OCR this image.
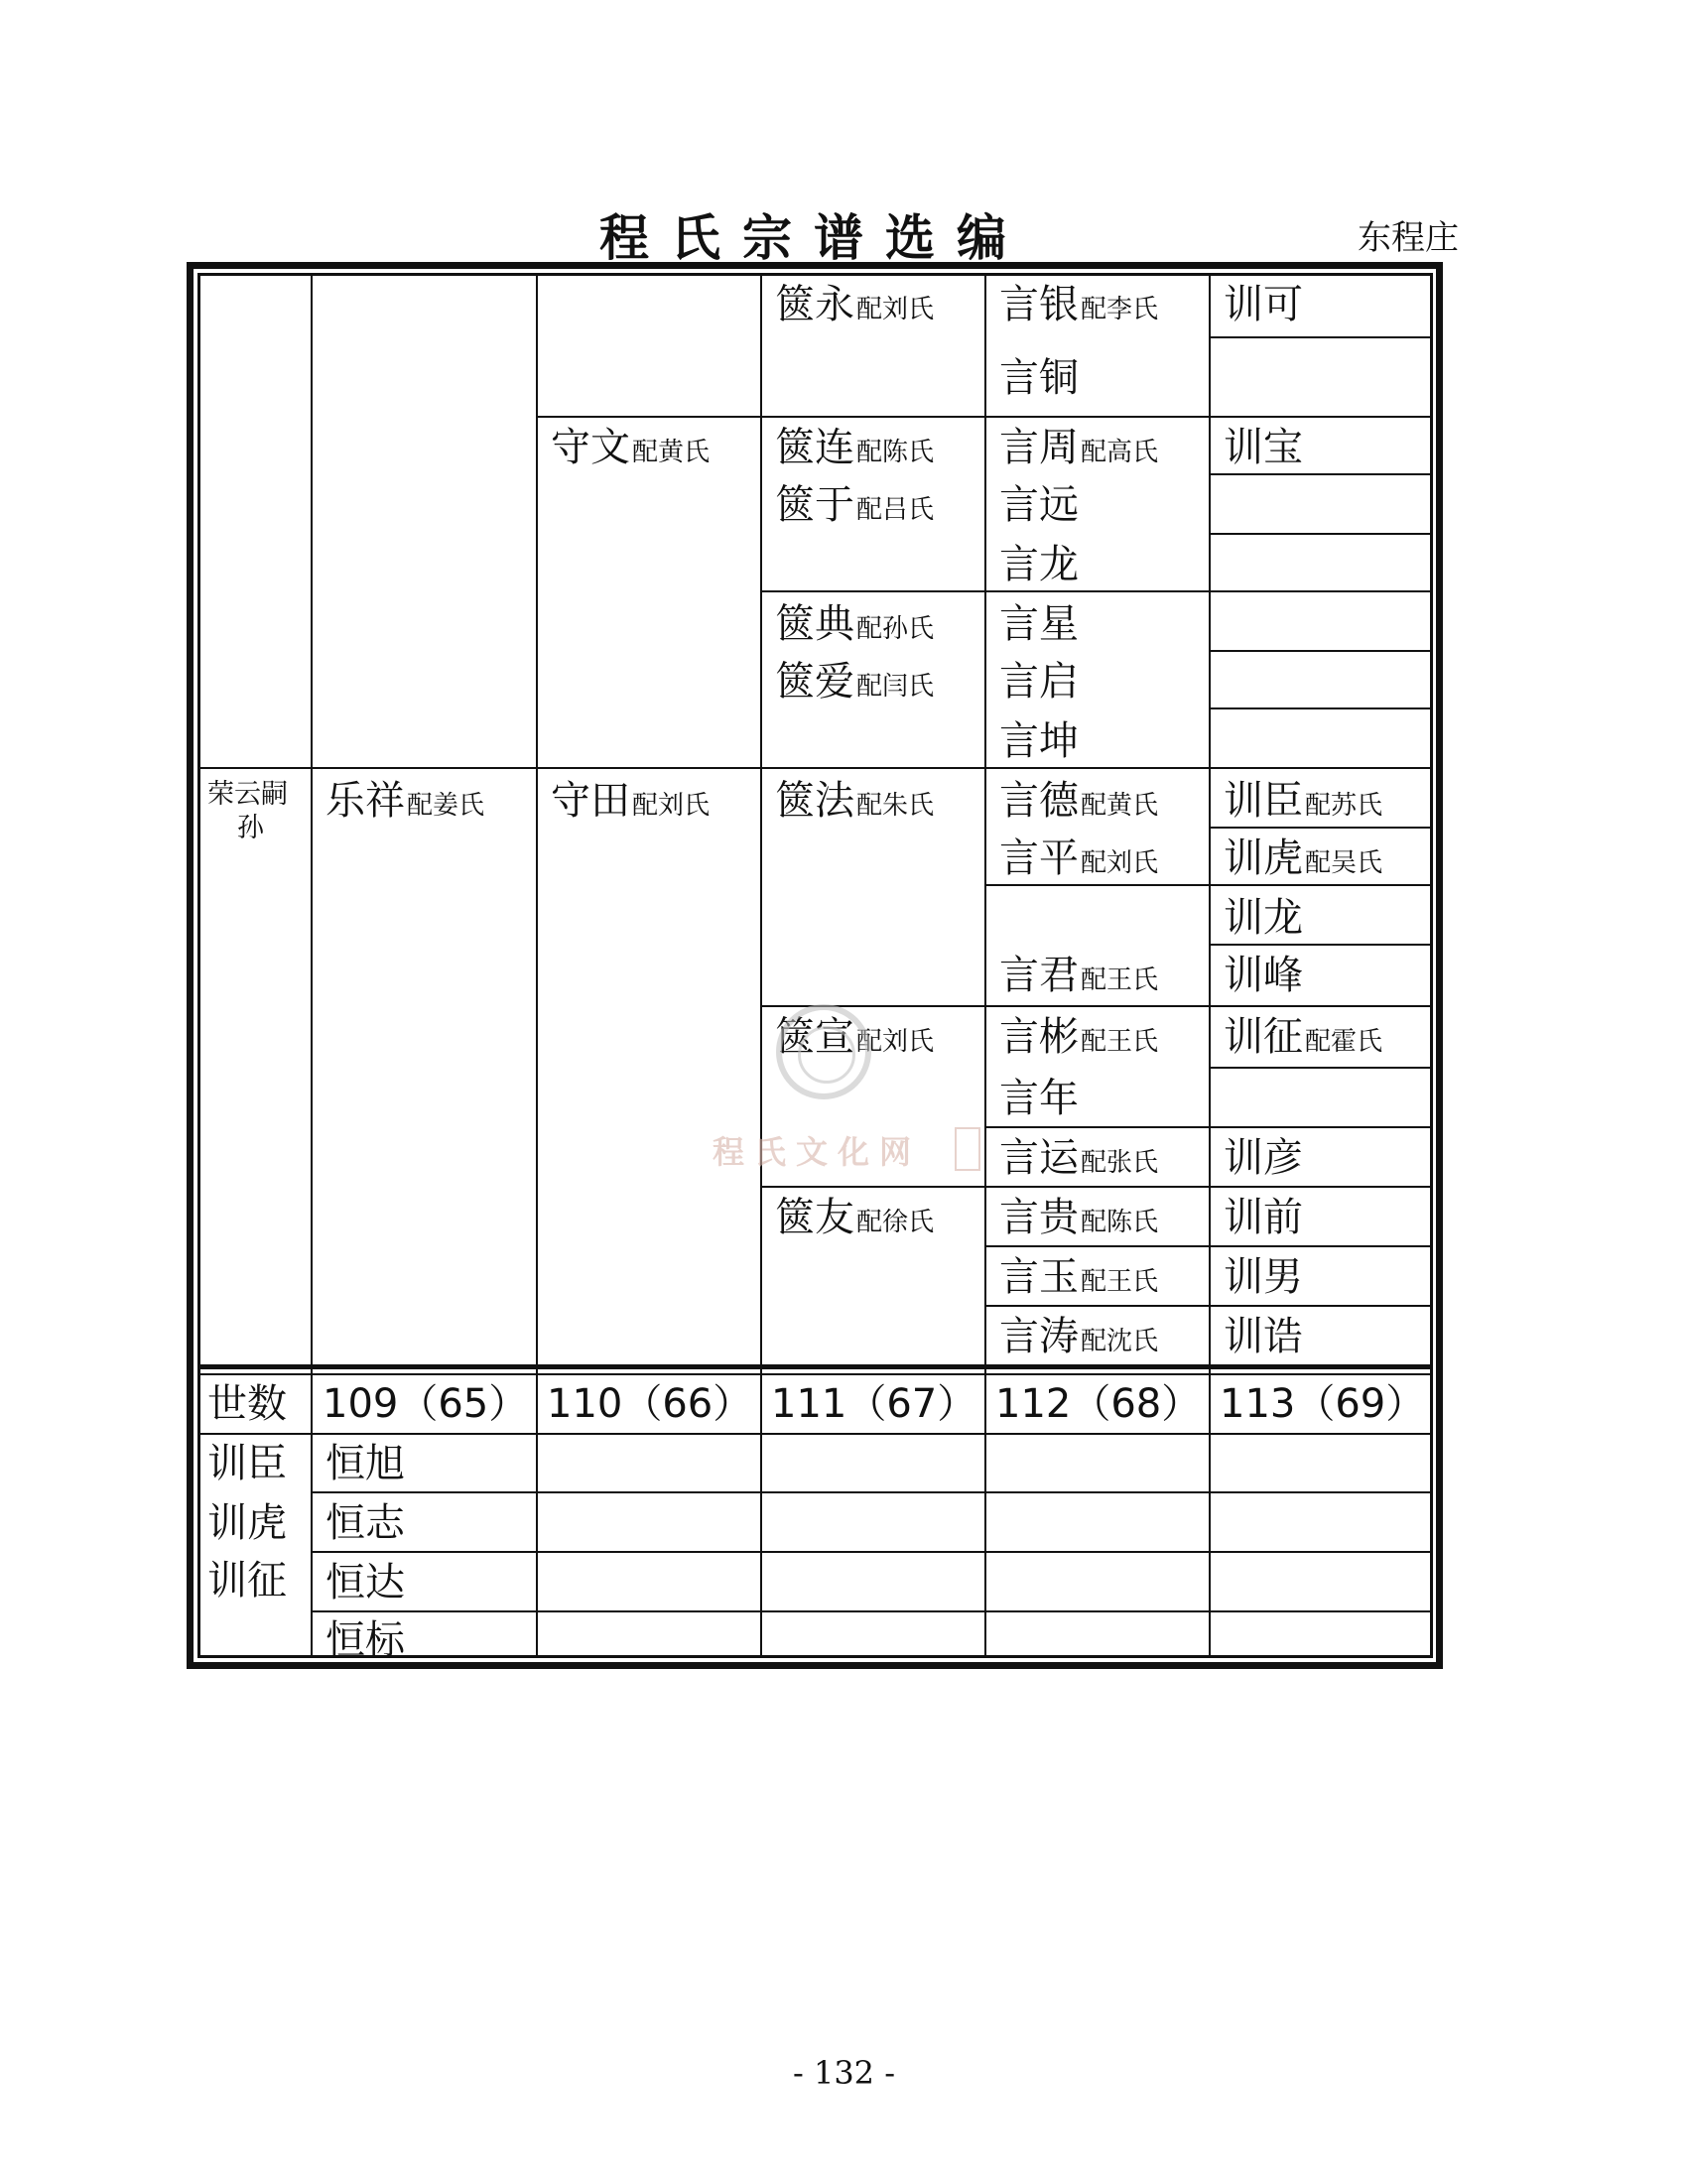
程氏宗谱选编	东程庄
篋永配刘氏 言银配李氏 训可
言铜
守文配黄氏 篋连配陈氏 言周配高氏 训宝
篋于配吕氏 言远
言龙
篋典配孙氏 言星
篋爱配闫氏 言启
言坤
荣云嗣
孙
乐祥配姜氏 守田配刘氏 篋法配朱氏 言德配黄氏 训臣配苏氏
言平配刘氏 训虎配吴氏
训龙
言君配王氏 训峰
篋宣配刘氏 言彬配王氏 训征配霍氏
言年
言运配张氏 训彦
篋友配徐氏 言贵配陈氏 训前
言玉配王氏 训男
言涛配沈氏 训诰
世数 109（65） 110（66） 111（67） 112（68） 113（69）
训臣
训虎
训征
恒旭
恒志
恒达
恒标
程氏文化网
- 132 -
